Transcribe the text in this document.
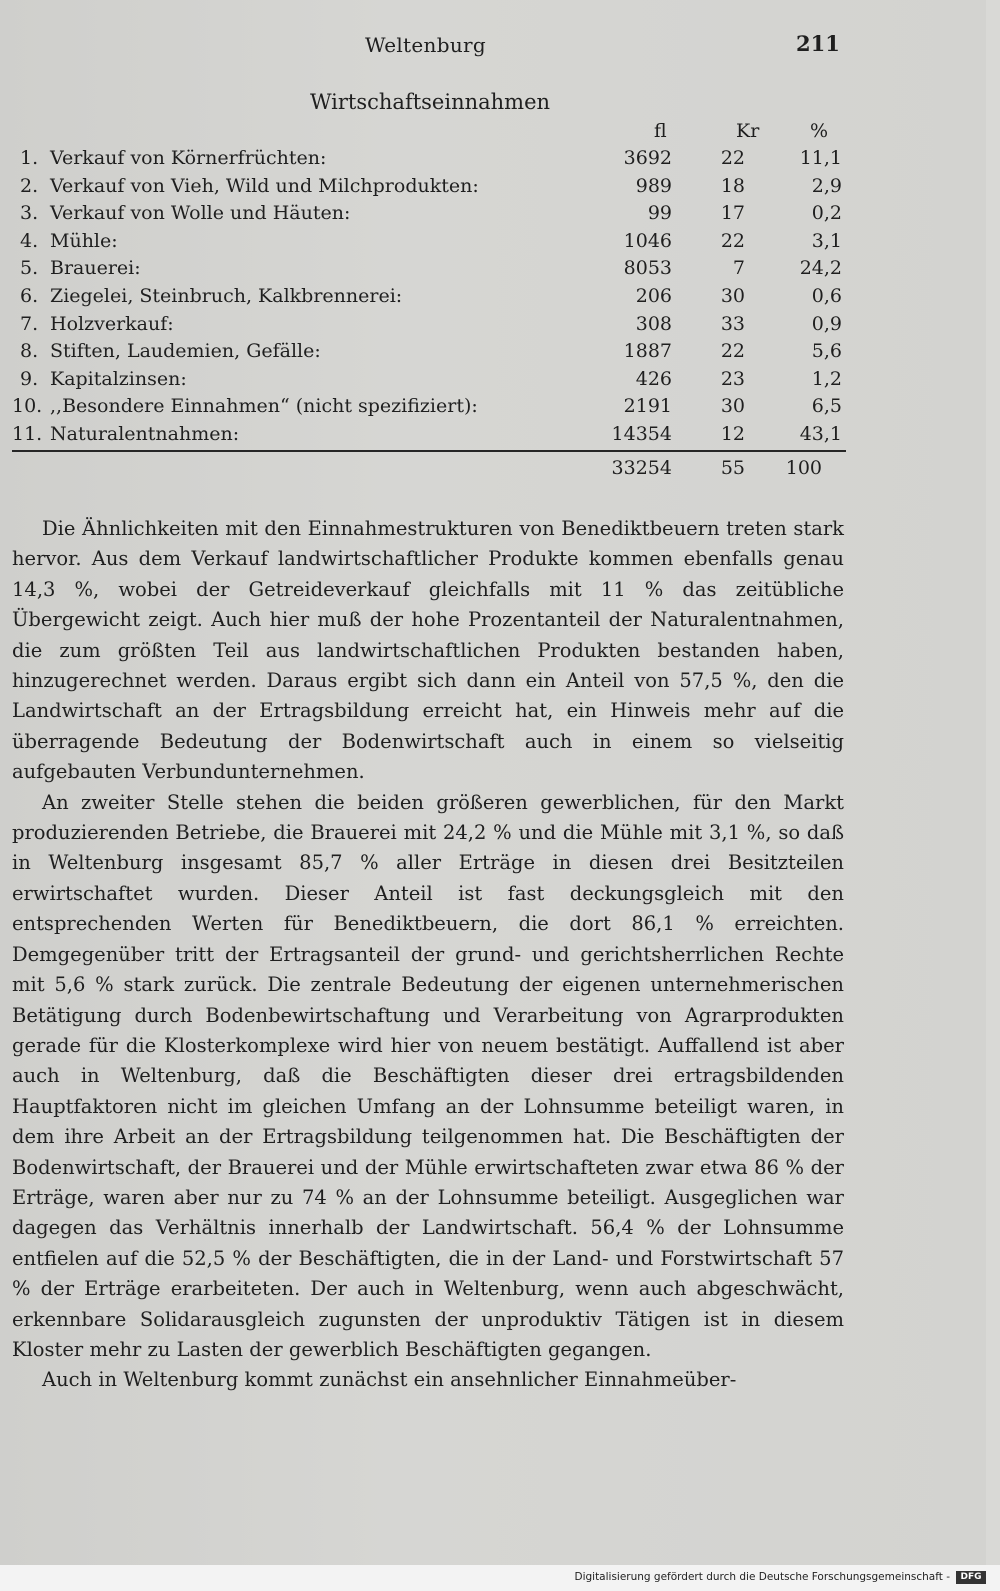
Weltenburg	211
Wirtschaftseinnahmen
fl	Kr	%
1. Verkauf von Körnerfrüchten:	3692	22	11,1
2. Verkauf von Vieh, Wild und Milchprodukten:	989	18	2,9
3. Verkauf von Wolle und Häuten:	99	17	0,2
4. Mühle:	1046	22	3,1
5. Brauerei:	8053	7	24,2
6. Ziegelei, Steinbruch, Kalkbrennerei:	206	30	0,6
7. Holzverkauf:	308	33	0,9
8. Stiften, Laudemien, Gefälle:	1887	22	5,6
9. Kapitalzinsen:	426	23	1,2
10. ,,Besondere Einnahmen“ (nicht spezifiziert):	2191	30	6,5
11. Naturalentnahmen:	14354	12	43,1
33254	55	100

Die Ähnlichkeiten mit den Einnahmestrukturen von Benediktbeuern treten stark hervor. Aus dem Verkauf landwirtschaftlicher Produkte kommen ebenfalls genau 14,3 %, wobei der Getreideverkauf gleichfalls mit 11 % das zeitübliche Übergewicht zeigt. Auch hier muß der hohe Prozentanteil der Naturalentnahmen, die zum größten Teil aus landwirtschaftlichen Produkten bestanden haben, hinzugerechnet werden. Daraus ergibt sich dann ein Anteil von 57,5 %, den die Landwirtschaft an der Ertragsbildung erreicht hat, ein Hinweis mehr auf die überragende Bedeutung der Bodenwirtschaft auch in einem so vielseitig aufgebauten Verbundunternehmen.

An zweiter Stelle stehen die beiden größeren gewerblichen, für den Markt produzierenden Betriebe, die Brauerei mit 24,2 % und die Mühle mit 3,1 %, so daß in Weltenburg insgesamt 85,7 % aller Erträge in diesen drei Besitzteilen erwirtschaftet wurden. Dieser Anteil ist fast deckungsgleich mit den entsprechenden Werten für Benediktbeuern, die dort 86,1 % erreichten. Demgegenüber tritt der Ertragsanteil der grund- und gerichtsherrlichen Rechte mit 5,6 % stark zurück. Die zentrale Bedeutung der eigenen unternehmerischen Betätigung durch Bodenbewirtschaftung und Verarbeitung von Agrarprodukten gerade für die Klosterkomplexe wird hier von neuem bestätigt. Auffallend ist aber auch in Weltenburg, daß die Beschäftigten dieser drei ertragsbildenden Hauptfaktoren nicht im gleichen Umfang an der Lohnsumme beteiligt waren, in dem ihre Arbeit an der Ertragsbildung teilgenommen hat. Die Beschäftigten der Bodenwirtschaft, der Brauerei und der Mühle erwirtschafteten zwar etwa 86 % der Erträge, waren aber nur zu 74 % an der Lohnsumme beteiligt. Ausgeglichen war dagegen das Verhältnis innerhalb der Landwirtschaft. 56,4 % der Lohnsumme entfielen auf die 52,5 % der Beschäftigten, die in der Land- und Forstwirtschaft 57 % der Erträge erarbeiteten. Der auch in Weltenburg, wenn auch abgeschwächt, erkennbare Solidarausgleich zugunsten der unproduktiv Tätigen ist in diesem Kloster mehr zu Lasten der gewerblich Beschäftigten gegangen.

Auch in Weltenburg kommt zunächst ein ansehnlicher Einnahmeüber-

Digitalisierung gefördert durch die Deutsche Forschungsgemeinschaft -	DFG
